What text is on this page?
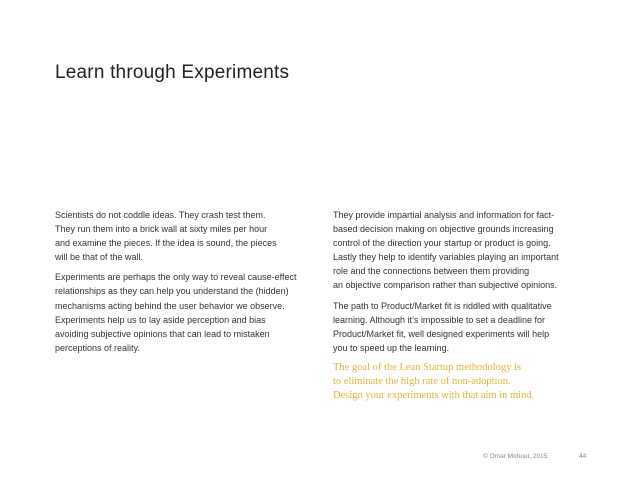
Learn through Experiments

Scientists do not coddle ideas. They crash test them.
They run them into a brick wall at sixty miles per hour
and examine the pieces. If the idea is sound, the pieces
will be that of the wall.

Experiments are perhaps the only way to reveal cause-effect
relationships as they can help you understand the (hidden)
mechanisms acting behind the user behavior we observe.
Experiments help us to lay aside perception and bias
avoiding subjective opinions that can lead to mistaken
perceptions of reality.

They provide impartial analysis and information for fact-
based decision making on objective grounds increasing
control of the direction your startup or product is going.
Lastly they help to identify variables playing an important
role and the connections between them providing
an objective comparison rather than subjective opinions.

The path to Product/Market fit is riddled with qualitative
learning. Although it’s impossible to set a deadline for
Product/Market fit, well designed experiments will help
you to speed up the learning.

The goal of the Lean Startup methodology is
to eliminate the high rate of non-adoption.
Design your experiments with that aim in mind.

© Omar Mohout, 2015	44
